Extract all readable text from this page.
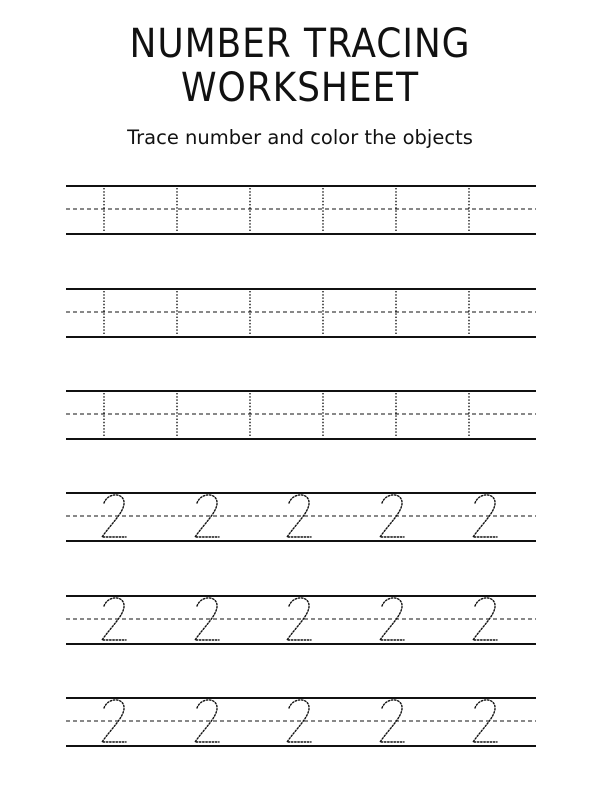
NUMBER TRACING
WORKSHEET

Trace number and color the objects
